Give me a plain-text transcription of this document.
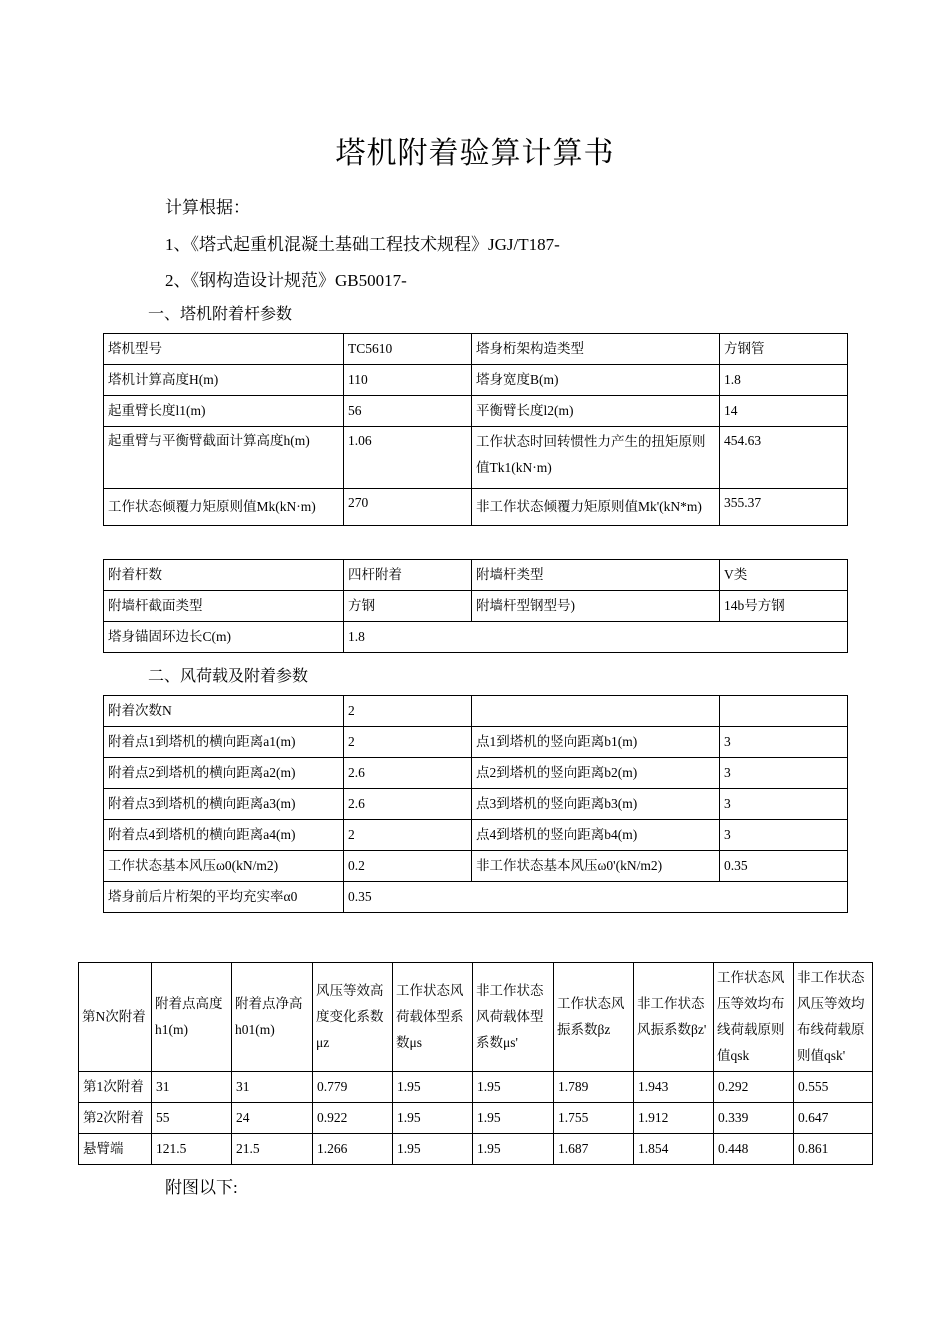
塔机附着验算计算书
计算根据：
1、《塔式起重机混凝土基础工程技术规程》JGJ/T187-
2、《钢构造设计规范》GB50017-
一、塔机附着杆参数
塔机型号	TC5610	塔身桁架构造类型	方钢管
塔机计算高度H(m)	110	塔身宽度B(m)	1.8
起重臂长度l1(m)	56	平衡臂长度l2(m)	14
起重臂与平衡臂截面计算高度h(m)	1.06	工作状态时回转惯性力产生的扭矩原则值Tk1(kN·m)	454.63
工作状态倾覆力矩原则值Mk(kN·m)	270	非工作状态倾覆力矩原则值Mk'(kN*m)	355.37
附着杆数	四杆附着	附墙杆类型	V类
附墙杆截面类型	方钢	附墙杆型钢型号)	14b号方钢
塔身锚固环边长C(m)	1.8		
二、风荷载及附着参数
附着次数N	2		
附着点1到塔机的横向距离a1(m)	2	点1到塔机的竖向距离b1(m)	3
附着点2到塔机的横向距离a2(m)	2.6	点2到塔机的竖向距离b2(m)	3
附着点3到塔机的横向距离a3(m)	2.6	点3到塔机的竖向距离b3(m)	3
附着点4到塔机的横向距离a4(m)	2	点4到塔机的竖向距离b4(m)	3
工作状态基本风压ω0(kN/m2)	0.2	非工作状态基本风压ω0'(kN/m2)	0.35
塔身前后片桁架的平均充实率α0	0.35		
第N次附着	附着点高度h1(m)	附着点净高h01(m)	风压等效高度变化系数μz	工作状态风荷载体型系数μs	非工作状态风荷载体型系数μs'	工作状态风振系数βz	非工作状态风振系数βz'	工作状态风压等效均布线荷载原则值qsk	非工作状态风压等效均布线荷载原则值qsk'
第1次附着	31	31	0.779	1.95	1.95	1.789	1.943	0.292	0.555
第2次附着	55	24	0.922	1.95	1.95	1.755	1.912	0.339	0.647
悬臂端	121.5	21.5	1.266	1.95	1.95	1.687	1.854	0.448	0.861
附图以下:
